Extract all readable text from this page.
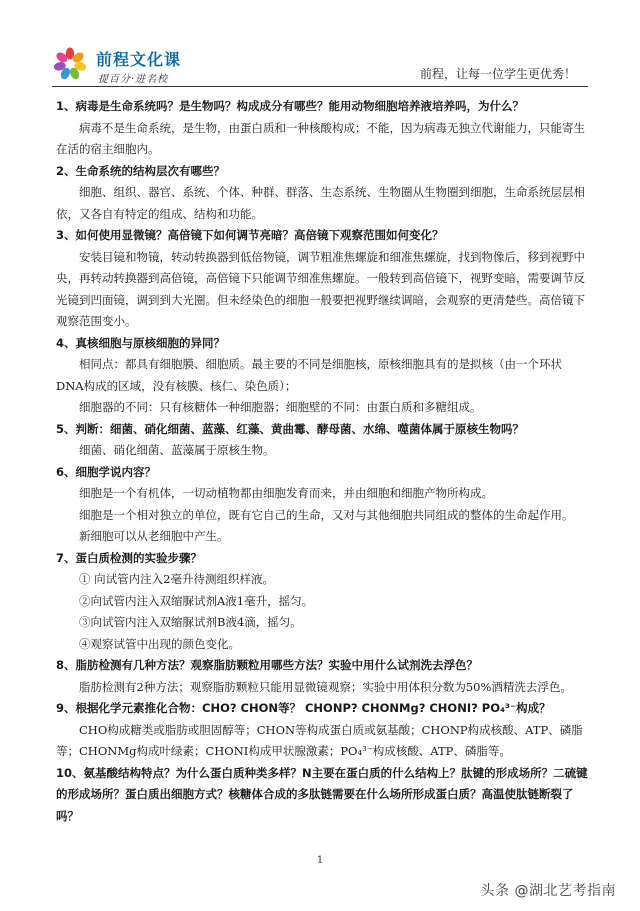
前程文化课
提百分·进名校	前程，让每一位学生更优秀！

1、病毒是生命系统吗？是生物吗？构成成分有哪些？能用动物细胞培养液培养吗，为什么？

病毒不是生命系统，是生物，由蛋白质和一种核酸构成；不能，因为病毒无独立代谢能力，只能寄生在活的宿主细胞内。

2、生命系统的结构层次有哪些？

细胞、组织、器官、系统、个体、种群、群落、生态系统、生物圈从生物圈到细胞，生命系统层层相依，又各自有特定的组成、结构和功能。

3、如何使用显微镜？高倍镜下如何调节亮暗？高倍镜下观察范围如何变化？

安装目镜和物镜，转动转换器到低倍物镜，调节粗准焦螺旋和细准焦螺旋，找到物像后，移到视野中央，再转动转换器到高倍镜，高倍镜下只能调节细准焦螺旋。一般转到高倍镜下，视野变暗，需要调节反光镜到凹面镜，调到到大光圈。但未经染色的细胞一般要把视野继续调暗，会观察的更清楚些。高倍镜下观察范围变小。

4、真核细胞与原核细胞的异同？

相同点：都具有细胞膜、细胞质。最主要的不同是细胞核，原核细胞具有的是拟核（由一个环状DNA构成的区域，没有核膜、核仁、染色质）；

细胞器的不同：只有核糖体一种细胞器；细胞壁的不同：由蛋白质和多糖组成。

5、判断：细菌、硝化细菌、蓝藻、红藻、黄曲霉、酵母菌、水绵、噬菌体属于原核生物吗？

细菌、硝化细菌、蓝藻属于原核生物。

6、细胞学说内容？

细胞是一个有机体，一切动植物都由细胞发育而来，并由细胞和细胞产物所构成。

细胞是一个相对独立的单位，既有它自己的生命，又对与其他细胞共同组成的整体的生命起作用。

新细胞可以从老细胞中产生。

7、蛋白质检测的实验步骤？

① 向试管内注入2毫升待测组织样液。

②向试管内注入双缩脲试剂A液1毫升，摇匀。

③向试管内注入双缩脲试剂B液4滴，摇匀。

④观察试管中出现的颜色变化。

8、脂肪检测有几种方法？观察脂肪颗粒用哪些方法？实验中用什么试剂洗去浮色？

脂肪检测有2种方法；观察脂肪颗粒只能用显微镜观察；实验中用体积分数为50%酒精洗去浮色。

9、根据化学元素推化合物：CHO? CHON等？ CHONP? CHONMg? CHONI? PO₄³⁻构成？

CHO构成糖类或脂肪或胆固醇等；CHON等构成蛋白质或氨基酸；CHONP构成核酸、ATP、磷脂等；CHONMg构成叶绿素；CHONI构成甲状腺激素；PO₄³⁻构成核酸、ATP、磷脂等。

10、氨基酸结构特点？为什么蛋白质种类多样？N主要在蛋白质的什么结构上？肽键的形成场所？二硫键的形成场所？蛋白质出细胞方式？核糖体合成的多肽链需要在什么场所形成蛋白质？高温使肽链断裂了吗？

1
头条 @湖北艺考指南
